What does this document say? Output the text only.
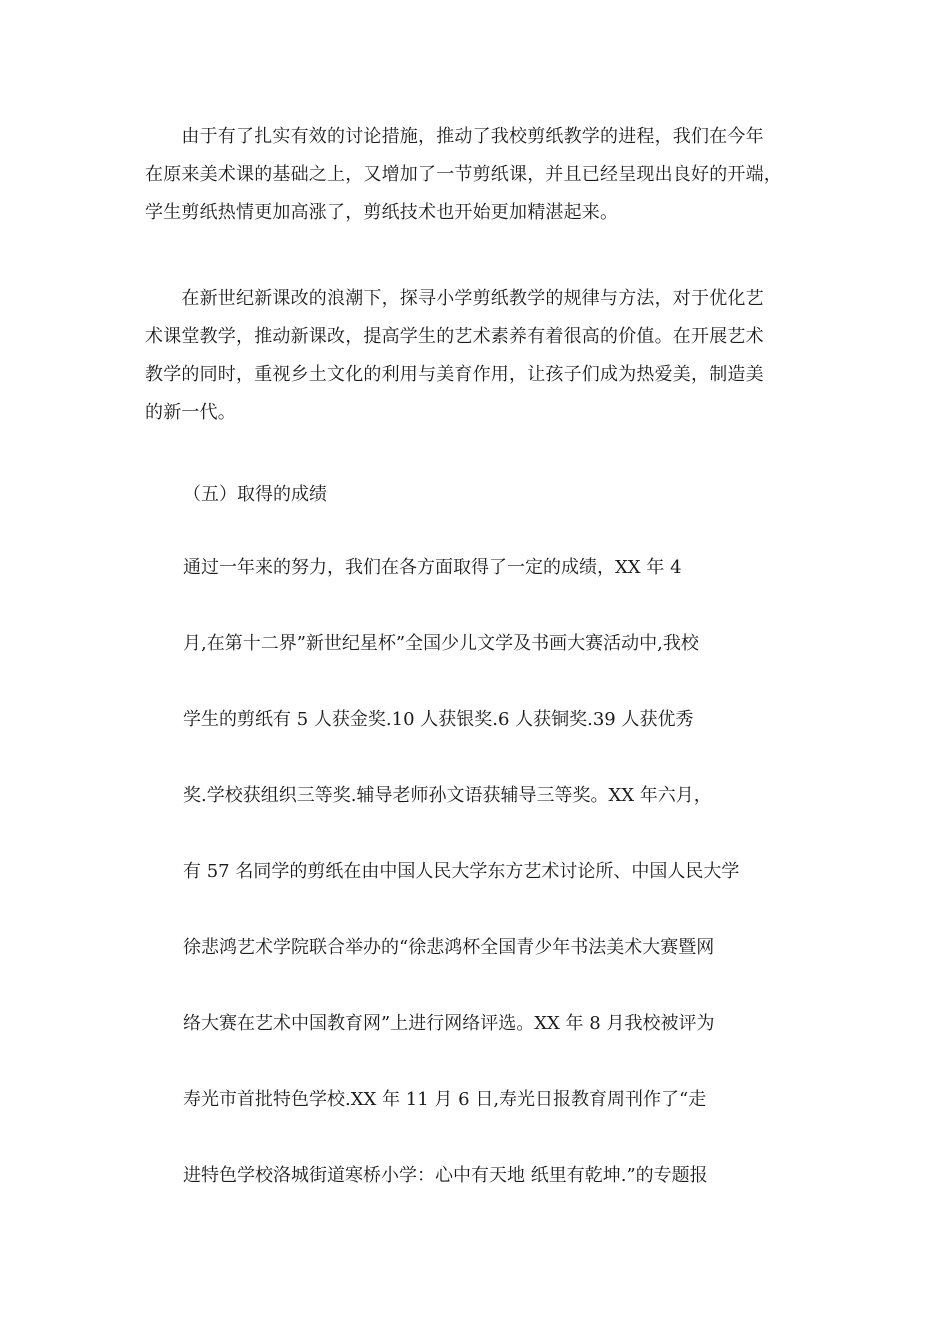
　　由于有了扎实有效的讨论措施，推动了我校剪纸教学的进程，我们在今年
在原来美术课的基础之上，又增加了一节剪纸课，并且已经呈现出良好的开端，
学生剪纸热情更加高涨了，剪纸技术也开始更加精湛起来。
　　在新世纪新课改的浪潮下，探寻小学剪纸教学的规律与方法，对于优化艺
术课堂教学，推动新课改，提高学生的艺术素养有着很高的价值。在开展艺术
教学的同时，重视乡土文化的利用与美育作用，让孩子们成为热爱美，制造美
的新一代。
（五）取得的成绩
通过一年来的努力，我们在各方面取得了一定的成绩，XX 年 4
月,在第十二界”新世纪星杯”全国少儿文学及书画大赛活动中,我校
学生的剪纸有 5 人获金奖.10 人获银奖.6 人获铜奖.39 人获优秀
奖.学校获组织三等奖.辅导老师孙文语获辅导三等奖。XX 年六月，
有 57 名同学的剪纸在由中国人民大学东方艺术讨论所、中国人民大学
徐悲鸿艺术学院联合举办的“徐悲鸿杯全国青少年书法美术大赛暨网
络大赛在艺术中国教育网”上进行网络评选。XX 年 8 月我校被评为
寿光市首批特色学校.XX 年 11 月 6 日,寿光日报教育周刊作了“走
进特色学校洛城街道寒桥小学：心中有天地 纸里有乾坤.”的专题报
